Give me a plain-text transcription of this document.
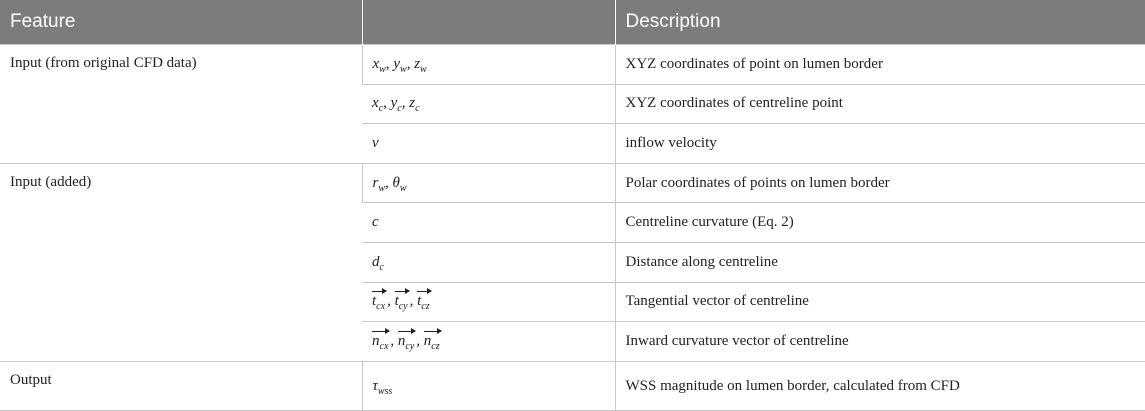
Feature		Description
Input (from original CFD data)	$x_w$, $y_w$, $z_w$	XYZ coordinates of point on lumen border
	$x_c$, $y_c$, $z_c$	XYZ coordinates of centreline point
	v	inflow velocity
Input (added)	$r_w$, $\theta_w$	Polar coordinates of points on lumen border
	c	Centreline curvature (Eq. 2)
	$d_c$	Distance along centreline
	$t_{cx}$ , $t_{cy}$ , $t_{cz}$	Tangential vector of centreline
	$n_{cx}$ , $n_{cy}$ , $n_{cz}$	Inward curvature vector of centreline
Output	$\tau_{wss}$	WSS magnitude on lumen border, calculated from CFD
